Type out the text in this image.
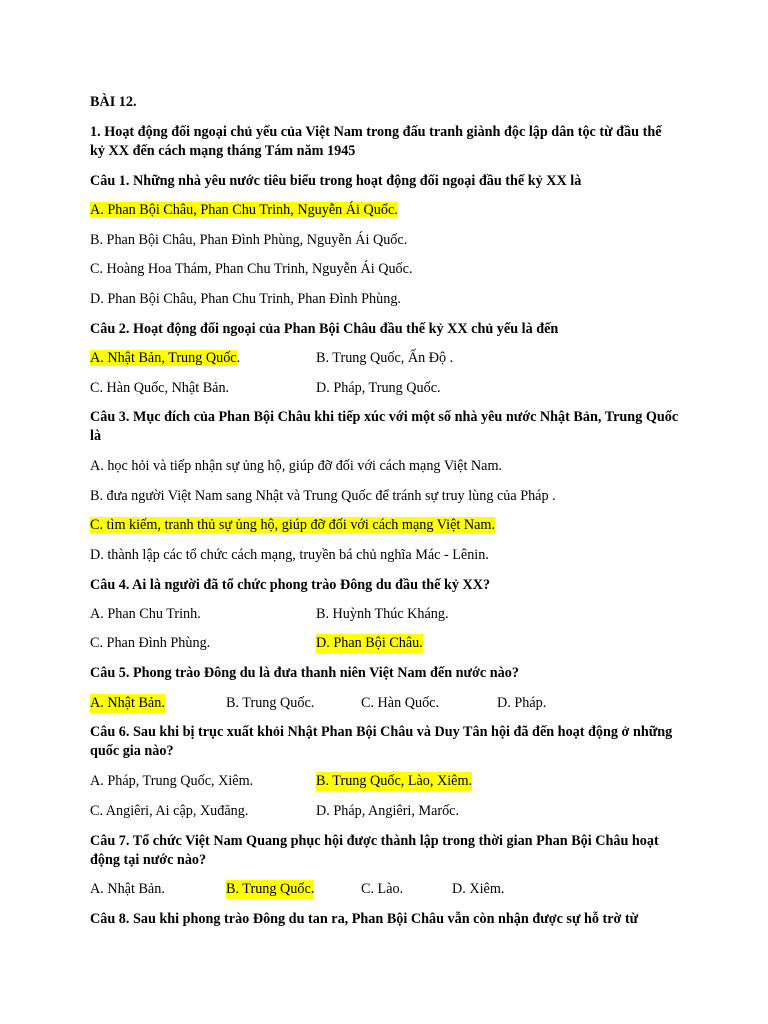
BÀI 12.
1. Hoạt động đối ngoại chủ yếu của Việt Nam trong đấu tranh giành độc lập dân tộc từ đầu thế kỷ XX đến cách mạng tháng Tám năm 1945
Câu 1. Những nhà yêu nước tiêu biểu trong hoạt động đối ngoại đầu thế kỷ XX là
A. Phan Bội Châu, Phan Chu Trinh, Nguyễn Ái Quốc.
B. Phan Bội Châu, Phan Đình Phùng, Nguyễn Ái Quốc.
C. Hoàng Hoa Thám, Phan Chu Trinh, Nguyễn Ái Quốc.
D. Phan Bội Châu, Phan Chu Trinh, Phan Đình Phùng.
Câu 2. Hoạt động đối ngoại của Phan Bội Châu đầu thế kỷ XX chủ yếu là đến
A. Nhật Bản, Trung Quốc.	B. Trung Quốc, Ấn Độ .
C. Hàn Quốc, Nhật Bản.	D. Pháp, Trung Quốc.
Câu 3. Mục đích của Phan Bội Châu khi tiếp xúc với một số nhà yêu nước Nhật Bản, Trung Quốc là
A. học hỏi và tiếp nhận sự ủng hộ, giúp đỡ đối với cách mạng Việt Nam.
B. đưa người Việt Nam sang Nhật và Trung Quốc để tránh sự truy lùng của Pháp .
C. tìm kiếm, tranh thủ sự ủng hộ, giúp đỡ đối với cách mạng Việt Nam.
D. thành lập các tổ chức cách mạng, truyền bá chủ nghĩa Mác - Lênin.
Câu 4. Ai là người đã tổ chức phong trào Đông du đầu thế kỷ XX?
A. Phan Chu Trinh.	B. Huỳnh Thúc Kháng.
C. Phan Đình Phùng.	D. Phan Bội Châu.
Câu 5. Phong trào Đông du là đưa thanh niên Việt Nam đến nước nào?
A. Nhật Bản.	B. Trung Quốc.	C. Hàn Quốc.	D. Pháp.
Câu 6. Sau khi bị trục xuất khỏi Nhật Phan Bội Châu và Duy Tân hội đã đến hoạt động ở những quốc gia nào?
A. Pháp, Trung Quốc, Xiêm.	B. Trung Quốc, Lào, Xiêm.
C. Angiêri, Ai cập, Xuđăng.	D. Pháp, Angiêri, Marốc.
Câu 7. Tổ chức Việt Nam Quang phục hội được thành lập trong thời gian Phan Bội Châu hoạt động tại nước nào?
A. Nhật Bản.	B. Trung Quốc.	C. Lào.	D. Xiêm.
Câu 8. Sau khi phong trào Đông du tan ra, Phan Bội Châu vẫn còn nhận được sự hỗ trờ từ
